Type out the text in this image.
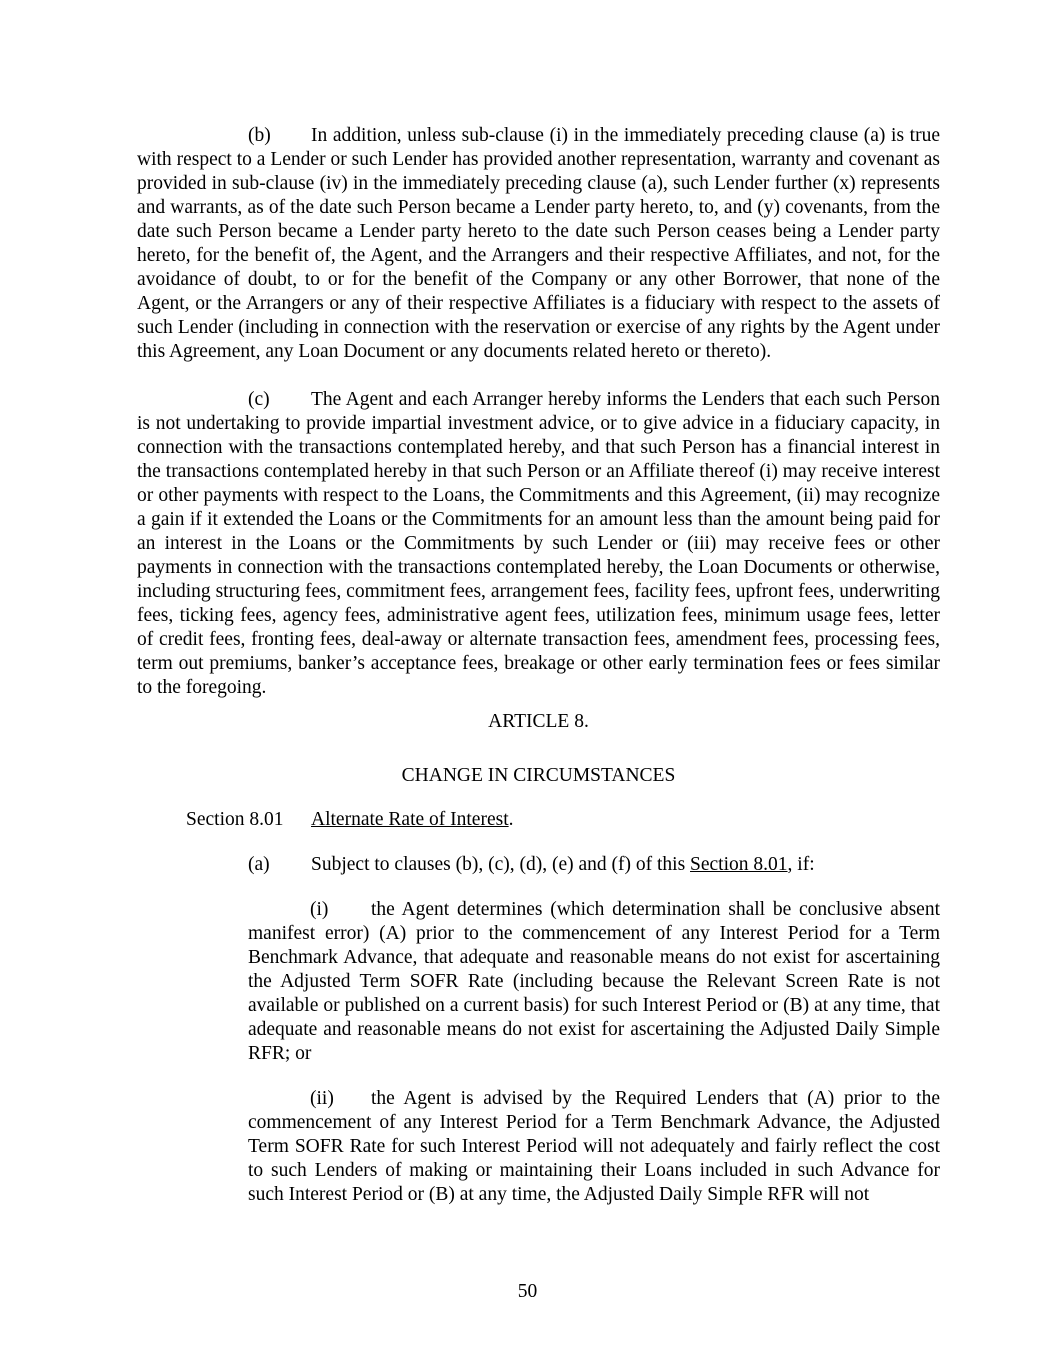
(b) In addition, unless sub-clause (i) in the immediately preceding clause (a) is true with respect to a Lender or such Lender has provided another representation, warranty and covenant as provided in sub-clause (iv) in the immediately preceding clause (a), such Lender further (x) represents and warrants, as of the date such Person became a Lender party hereto, to, and (y) covenants, from the date such Person became a Lender party hereto to the date such Person ceases being a Lender party hereto, for the benefit of, the Agent, and the Arrangers and their respective Affiliates, and not, for the avoidance of doubt, to or for the benefit of the Company or any other Borrower, that none of the Agent, or the Arrangers or any of their respective Affiliates is a fiduciary with respect to the assets of such Lender (including in connection with the reservation or exercise of any rights by the Agent under this Agreement, any Loan Document or any documents related hereto or thereto).

(c) The Agent and each Arranger hereby informs the Lenders that each such Person is not undertaking to provide impartial investment advice, or to give advice in a fiduciary capacity, in connection with the transactions contemplated hereby, and that such Person has a financial interest in the transactions contemplated hereby in that such Person or an Affiliate thereof (i) may receive interest or other payments with respect to the Loans, the Commitments and this Agreement, (ii) may recognize a gain if it extended the Loans or the Commitments for an amount less than the amount being paid for an interest in the Loans or the Commitments by such Lender or (iii) may receive fees or other payments in connection with the transactions contemplated hereby, the Loan Documents or otherwise, including structuring fees, commitment fees, arrangement fees, facility fees, upfront fees, underwriting fees, ticking fees, agency fees, administrative agent fees, utilization fees, minimum usage fees, letter of credit fees, fronting fees, deal-away or alternate transaction fees, amendment fees, processing fees, term out premiums, banker’s acceptance fees, breakage or other early termination fees or fees similar to the foregoing.

ARTICLE 8.

CHANGE IN CIRCUMSTANCES

Section 8.01 Alternate Rate of Interest.

(a) Subject to clauses (b), (c), (d), (e) and (f) of this Section 8.01, if:

(i) the Agent determines (which determination shall be conclusive absent manifest error) (A) prior to the commencement of any Interest Period for a Term Benchmark Advance, that adequate and reasonable means do not exist for ascertaining the Adjusted Term SOFR Rate (including because the Relevant Screen Rate is not available or published on a current basis) for such Interest Period or (B) at any time, that adequate and reasonable means do not exist for ascertaining the Adjusted Daily Simple RFR; or

(ii) the Agent is advised by the Required Lenders that (A) prior to the commencement of any Interest Period for a Term Benchmark Advance, the Adjusted Term SOFR Rate for such Interest Period will not adequately and fairly reflect the cost to such Lenders of making or maintaining their Loans included in such Advance for such Interest Period or (B) at any time, the Adjusted Daily Simple RFR will not

50
